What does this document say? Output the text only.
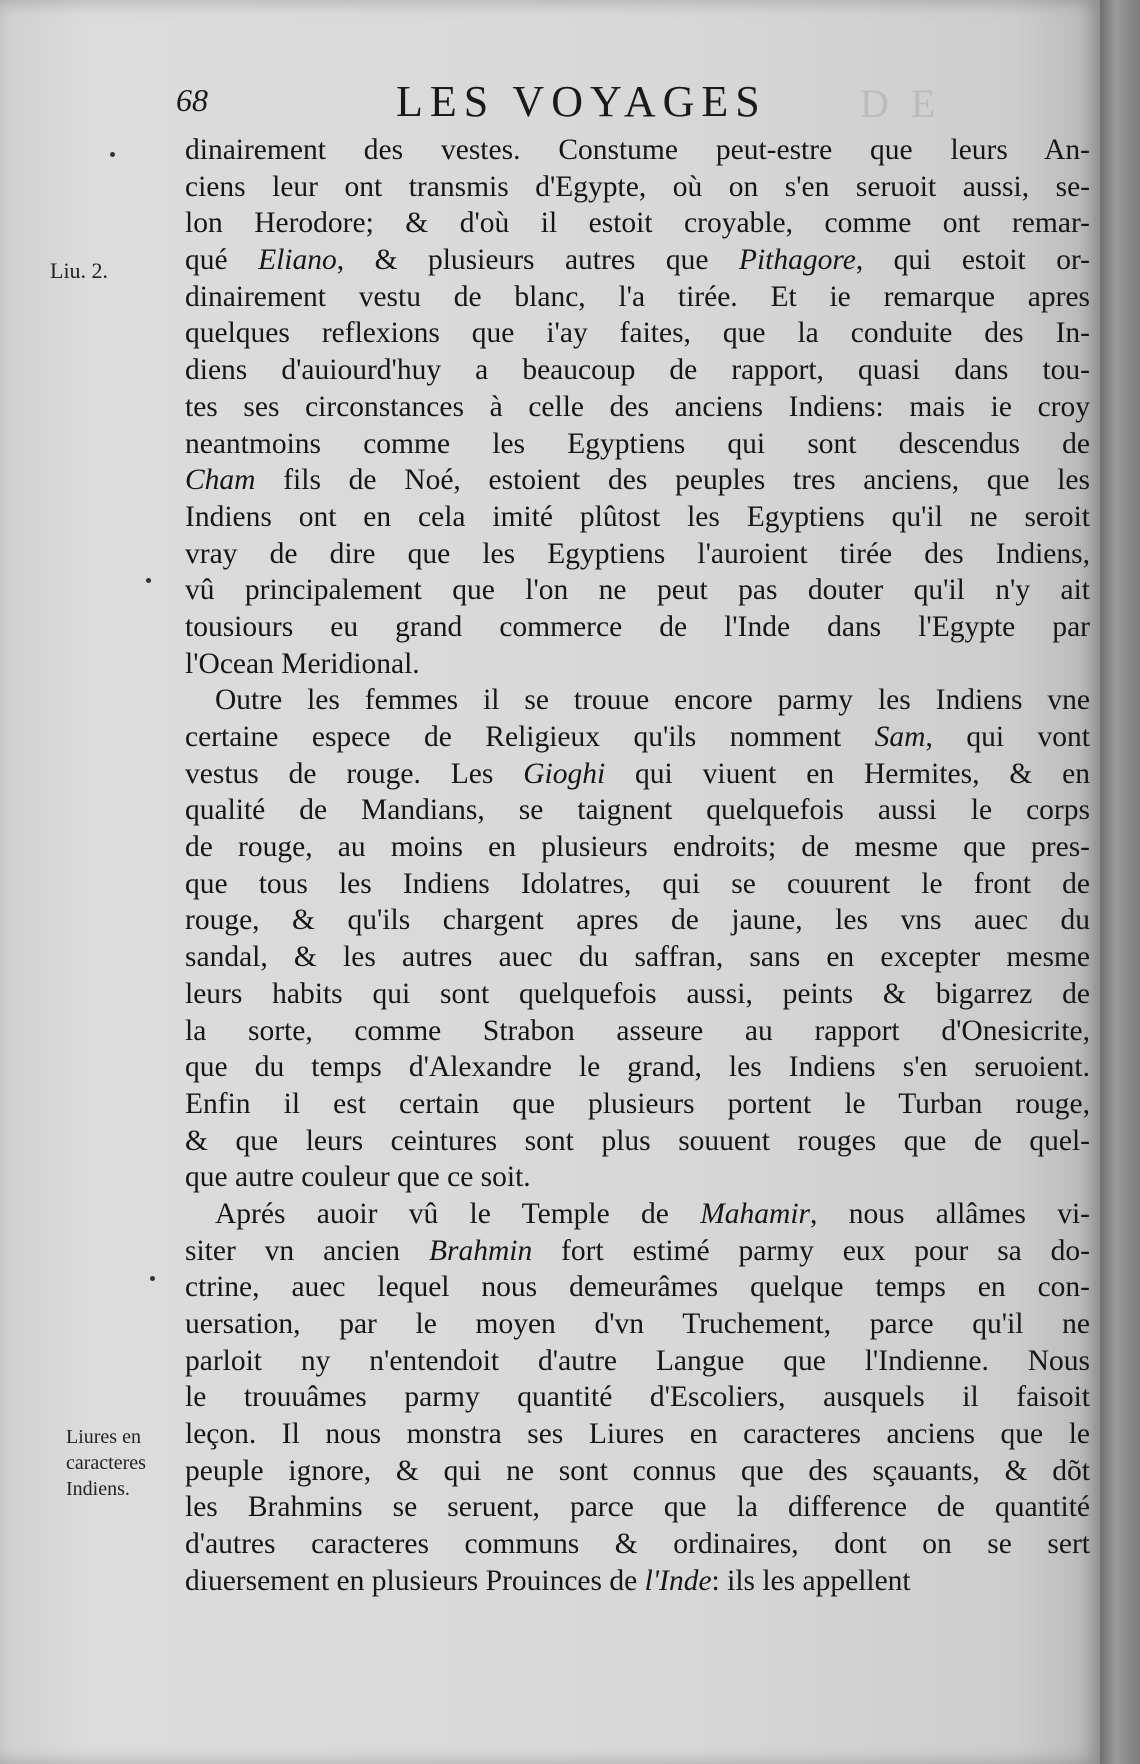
D E
68	LES VOYAGES
Liu. 2.
Liures en
caracteres
Indiens.
dinairement des vestes. Constume peut-estre que leurs An-
ciens leur ont transmis d'Egypte, où on s'en seruoit aussi, se-
lon Herodore; & d'où il estoit croyable, comme ont remar-
qué Eliano, & plusieurs autres que Pithagore, qui estoit or-
dinairement vestu de blanc, l'a tirée. Et ie remarque apres
quelques reflexions que i'ay faites, que la conduite des In-
diens d'auiourd'huy a beaucoup de rapport, quasi dans tou-
tes ses circonstances à celle des anciens Indiens: mais ie croy
neantmoins comme les Egyptiens qui sont descendus de
Cham fils de Noé, estoient des peuples tres anciens, que les
Indiens ont en cela imité plûtost les Egyptiens qu'il ne seroit
vray de dire que les Egyptiens l'auroient tirée des Indiens,
vû principalement que l'on ne peut pas douter qu'il n'y ait
tousiours eu grand commerce de l'Inde dans l'Egypte par
l'Ocean Meridional.
Outre les femmes il se trouue encore parmy les Indiens vne
certaine espece de Religieux qu'ils nomment Sam, qui vont
vestus de rouge. Les Gioghi qui viuent en Hermites, & en
qualité de Mandians, se taignent quelquefois aussi le corps
de rouge, au moins en plusieurs endroits; de mesme que pres-
que tous les Indiens Idolatres, qui se couurent le front de
rouge, & qu'ils chargent apres de jaune, les vns auec du
sandal, & les autres auec du saffran, sans en excepter mesme
leurs habits qui sont quelquefois aussi, peints & bigarrez de
la sorte, comme Strabon asseure au rapport d'Onesicrite,
que du temps d'Alexandre le grand, les Indiens s'en seruoient.
Enfin il est certain que plusieurs portent le Turban rouge,
& que leurs ceintures sont plus souuent rouges que de quel-
que autre couleur que ce soit.
Aprés auoir vû le Temple de Mahamir, nous allâmes vi-
siter vn ancien Brahmin fort estimé parmy eux pour sa do-
ctrine, auec lequel nous demeurâmes quelque temps en con-
uersation, par le moyen d'vn Truchement, parce qu'il ne
parloit ny n'entendoit d'autre Langue que l'Indienne. Nous
le trouuâmes parmy quantité d'Escoliers, ausquels il faisoit
leçon. Il nous monstra ses Liures en caracteres anciens que le
peuple ignore, & qui ne sont connus que des sçauants, & dõt
les Brahmins se seruent, parce que la difference de quantité
d'autres caracteres communs & ordinaires, dont on se sert
diuersement en plusieurs Prouinces de l'Inde: ils les appellent
